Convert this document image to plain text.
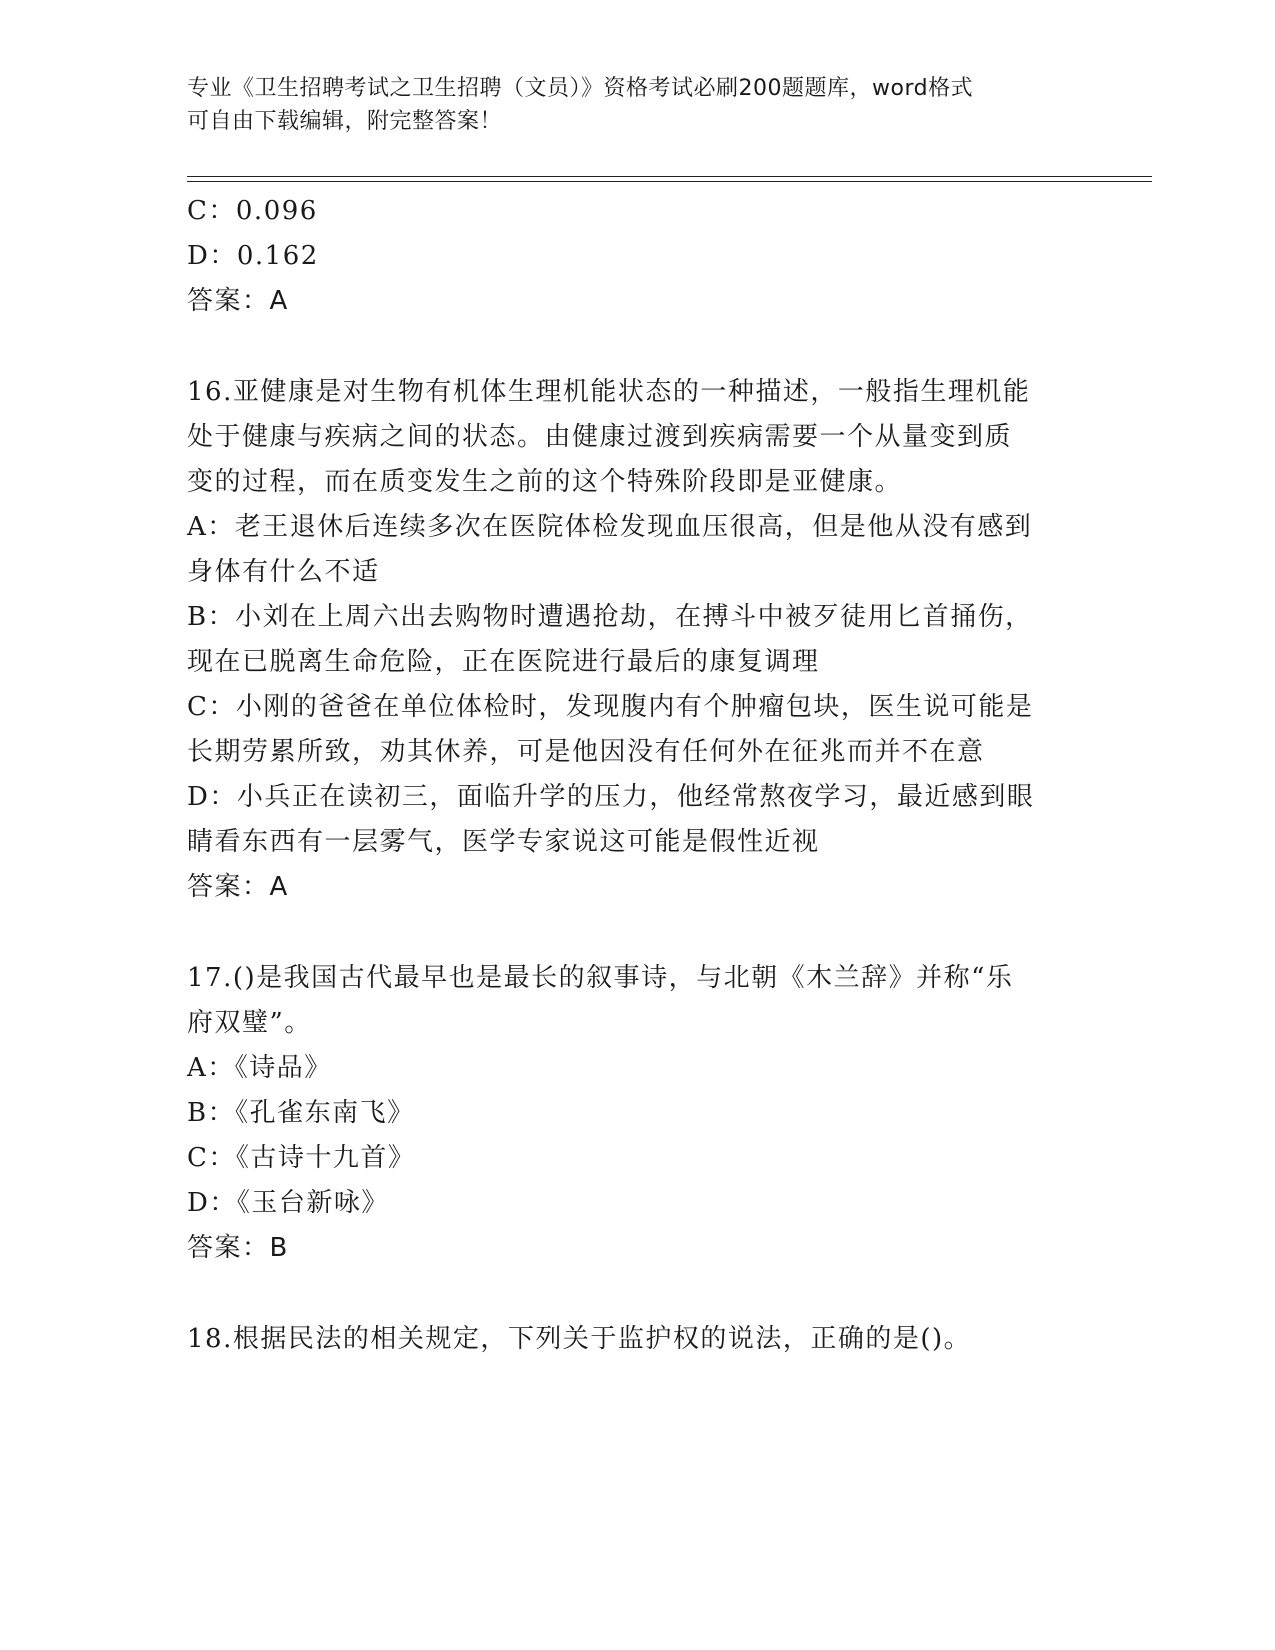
专业《卫生招聘考试之卫生招聘（文员）》资格考试必刷200题题库，word格式
可自由下载编辑，附完整答案！
C：0.096
D：0.162
答案：A
16.亚健康是对生物有机体生理机能状态的一种描述，一般指生理机能
处于健康与疾病之间的状态。由健康过渡到疾病需要一个从量变到质
变的过程，而在质变发生之前的这个特殊阶段即是亚健康。
A：老王退休后连续多次在医院体检发现血压很高，但是他从没有感到
身体有什么不适
B：小刘在上周六出去购物时遭遇抢劫，在搏斗中被歹徒用匕首捅伤，
现在已脱离生命危险，正在医院进行最后的康复调理
C：小刚的爸爸在单位体检时，发现腹内有个肿瘤包块，医生说可能是
长期劳累所致，劝其休养，可是他因没有任何外在征兆而并不在意
D：小兵正在读初三，面临升学的压力，他经常熬夜学习，最近感到眼
睛看东西有一层雾气，医学专家说这可能是假性近视
答案：A
17.()是我国古代最早也是最长的叙事诗，与北朝《木兰辞》并称“乐
府双璧”。
A：《诗品》
B：《孔雀东南飞》
C：《古诗十九首》
D：《玉台新咏》
答案：B
18.根据民法的相关规定，下列关于监护权的说法，正确的是()。
